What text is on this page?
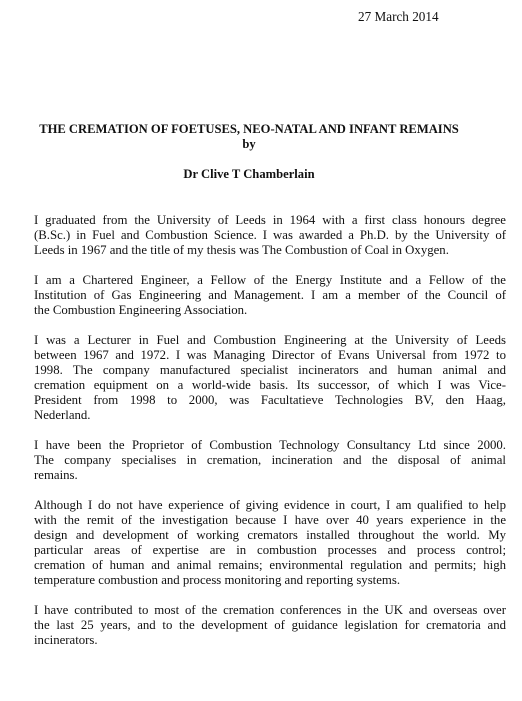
27 March 2014
THE CREMATION OF FOETUSES, NEO-NATAL AND INFANT REMAINS
by
Dr Clive T Chamberlain

I graduated from the University of Leeds in 1964 with a first class honours degree
(B.Sc.) in Fuel and Combustion Science. I was awarded a Ph.D. by the University of
Leeds in 1967 and the title of my thesis was The Combustion of Coal in Oxygen.

I am a Chartered Engineer, a Fellow of the Energy Institute and a Fellow of the
Institution of Gas Engineering and Management. I am a member of the Council of
the Combustion Engineering Association.

I was a Lecturer in Fuel and Combustion Engineering at the University of Leeds
between 1967 and 1972. I was Managing Director of Evans Universal from 1972 to
1998. The company manufactured specialist incinerators and human animal and
cremation equipment on a world-wide basis. Its successor, of which I was Vice-
President from 1998 to 2000, was Facultatieve Technologies BV, den Haag,
Nederland.

I have been the Proprietor of Combustion Technology Consultancy Ltd since 2000.
The company specialises in cremation, incineration and the disposal of animal
remains.

Although I do not have experience of giving evidence in court, I am qualified to help
with the remit of the investigation because I have over 40 years experience in the
design and development of working cremators installed throughout the world. My
particular areas of expertise are in combustion processes and process control;
cremation of human and animal remains; environmental regulation and permits; high
temperature combustion and process monitoring and reporting systems.

I have contributed to most of the cremation conferences in the UK and overseas over
the last 25 years, and to the development of guidance legislation for crematoria and
incinerators.
